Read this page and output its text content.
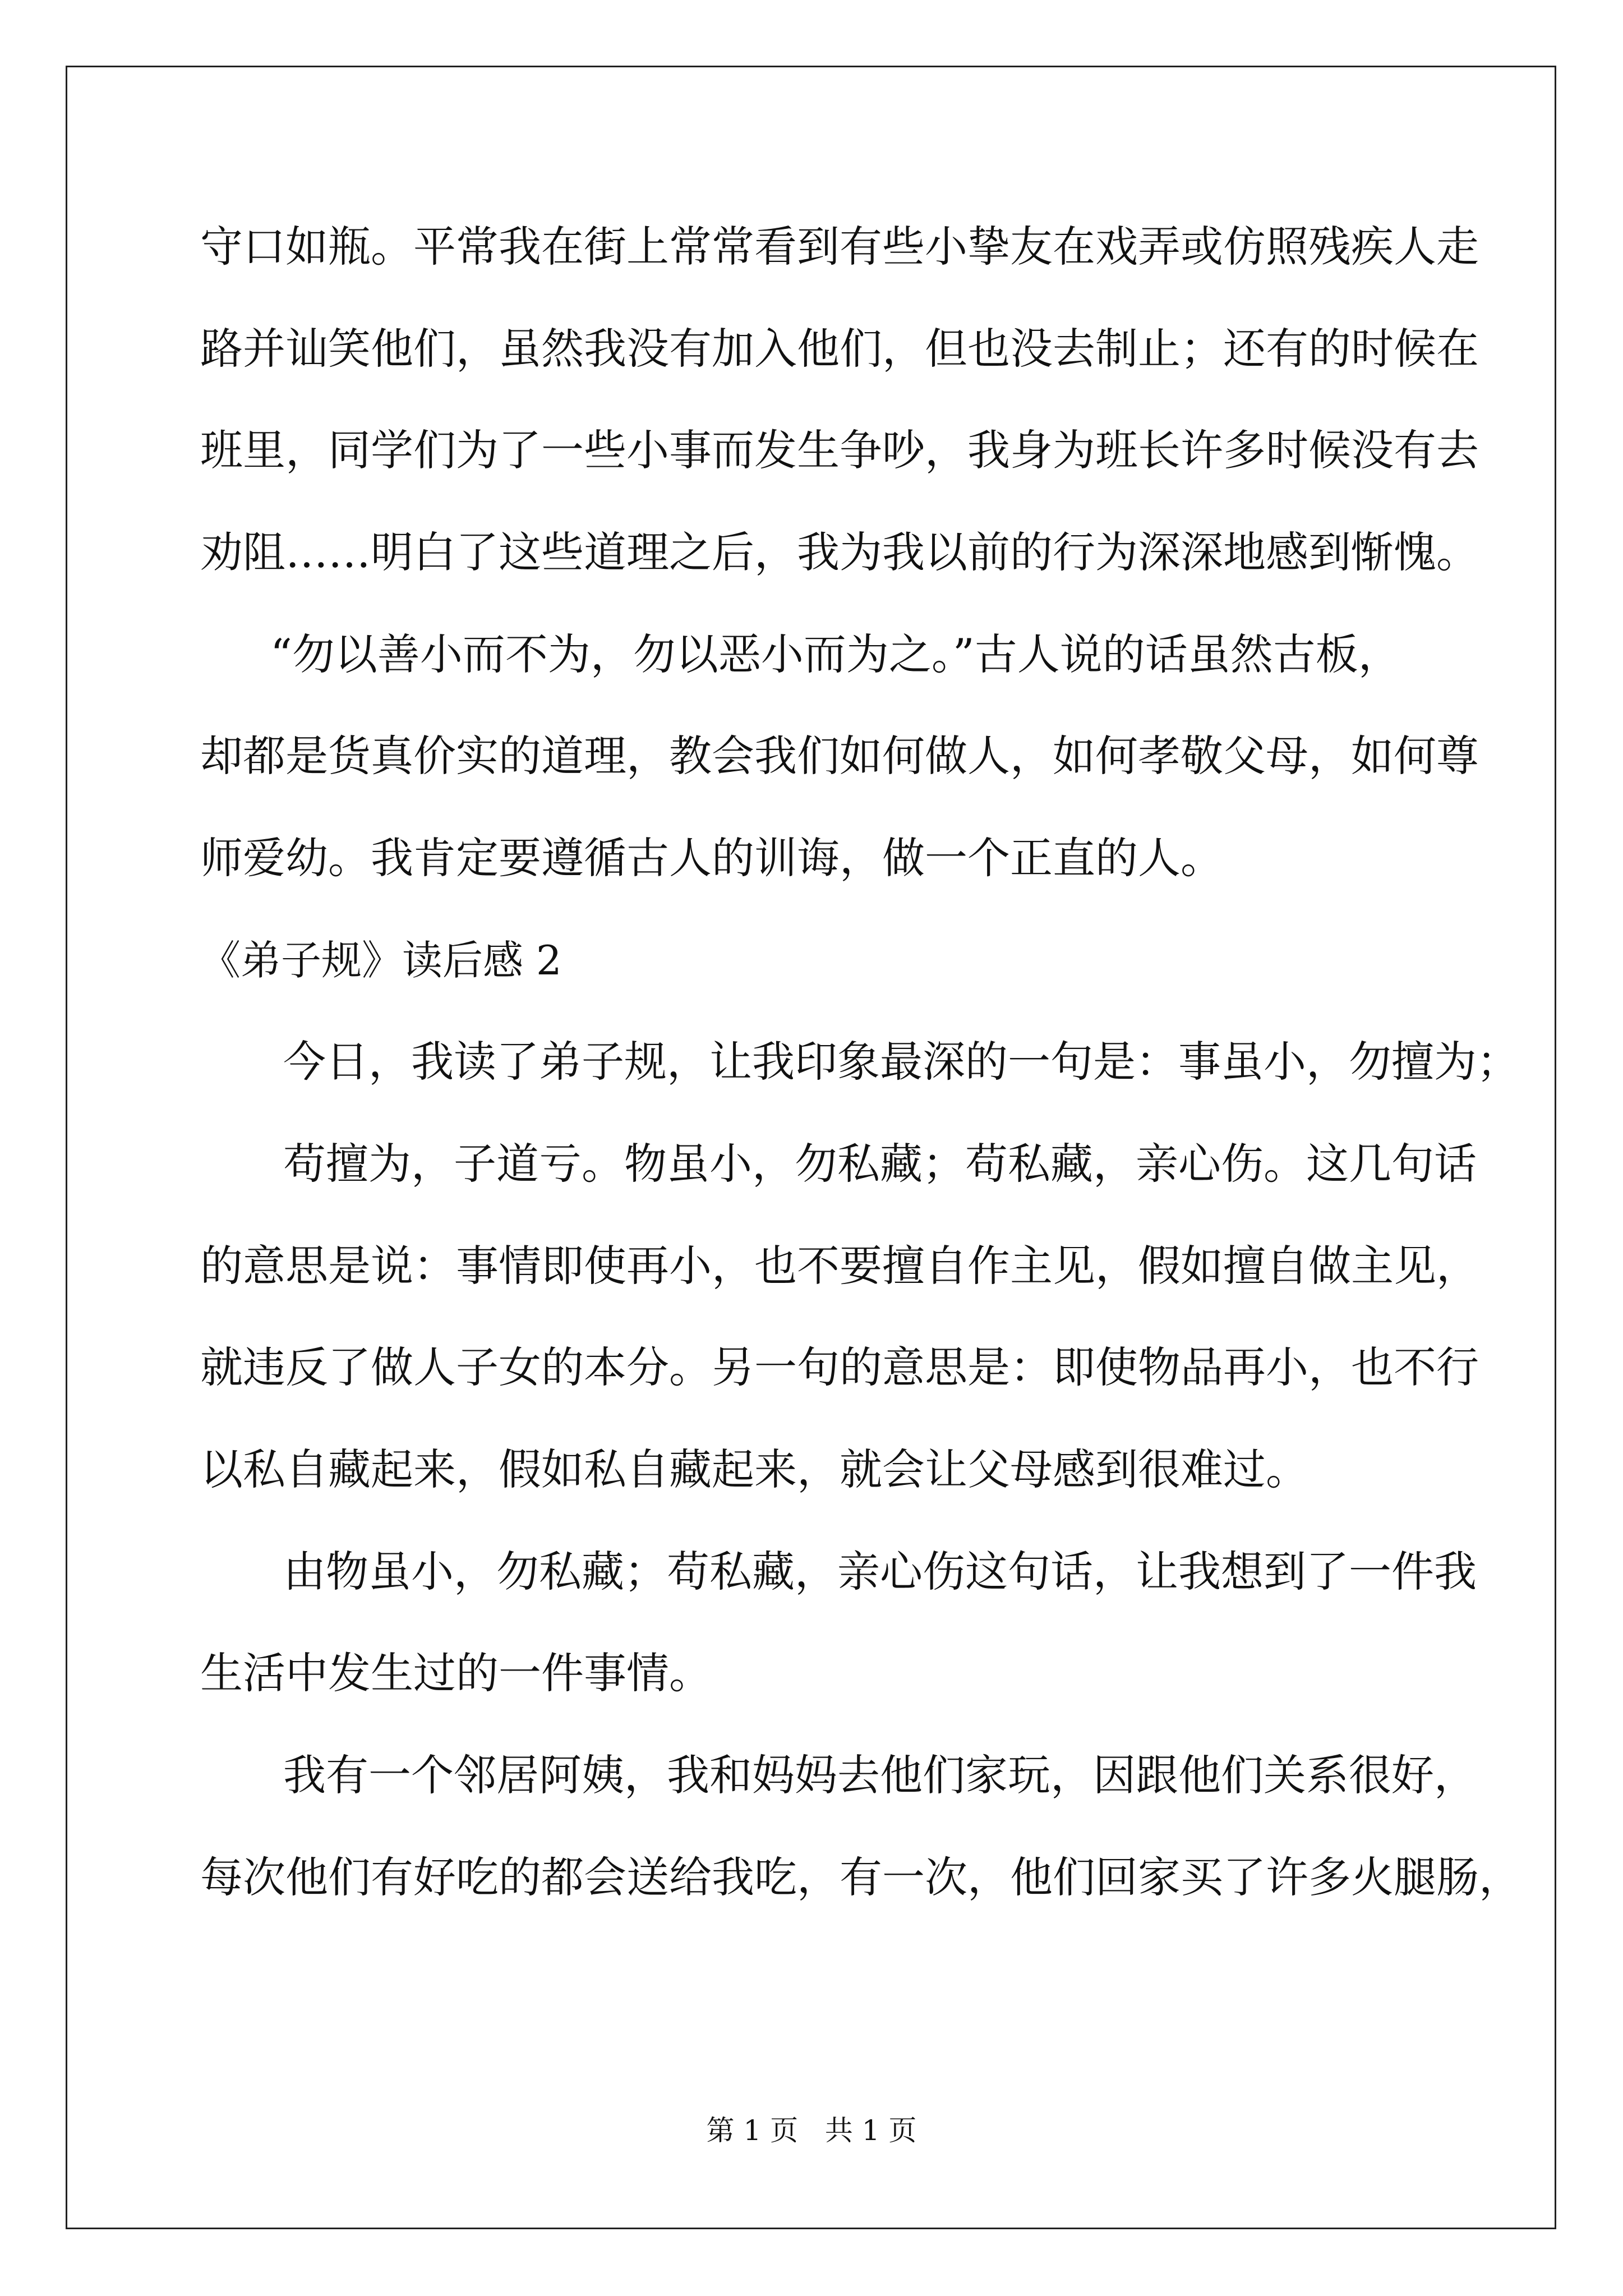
守口如瓶。平常我在街上常常看到有些小挚友在戏弄或仿照残疾人走

路并讪笑他们，虽然我没有加入他们，但也没去制止；还有的时候在

班里，同学们为了一些小事而发生争吵，我身为班长许多时候没有去

劝阻……明白了这些道理之后，我为我以前的行为深深地感到惭愧。

“勿以善小而不为，勿以恶小而为之。”古人说的话虽然古板，

却都是货真价实的道理，教会我们如何做人，如何孝敬父母，如何尊

师爱幼。我肯定要遵循古人的训诲，做一个正直的人。

《弟子规》读后感 2

今日，我读了弟子规，让我印象最深的一句是：事虽小，勿擅为；

苟擅为，子道亏。物虽小，勿私藏；苟私藏，亲心伤。这几句话

的意思是说：事情即使再小，也不要擅自作主见，假如擅自做主见，

就违反了做人子女的本分。另一句的意思是：即使物品再小，也不行

以私自藏起来，假如私自藏起来，就会让父母感到很难过。

由物虽小，勿私藏；苟私藏，亲心伤这句话，让我想到了一件我

生活中发生过的一件事情。

我有一个邻居阿姨，我和妈妈去他们家玩，因跟他们关系很好，

每次他们有好吃的都会送给我吃，有一次，他们回家买了许多火腿肠，

第 1 页   共 1 页
